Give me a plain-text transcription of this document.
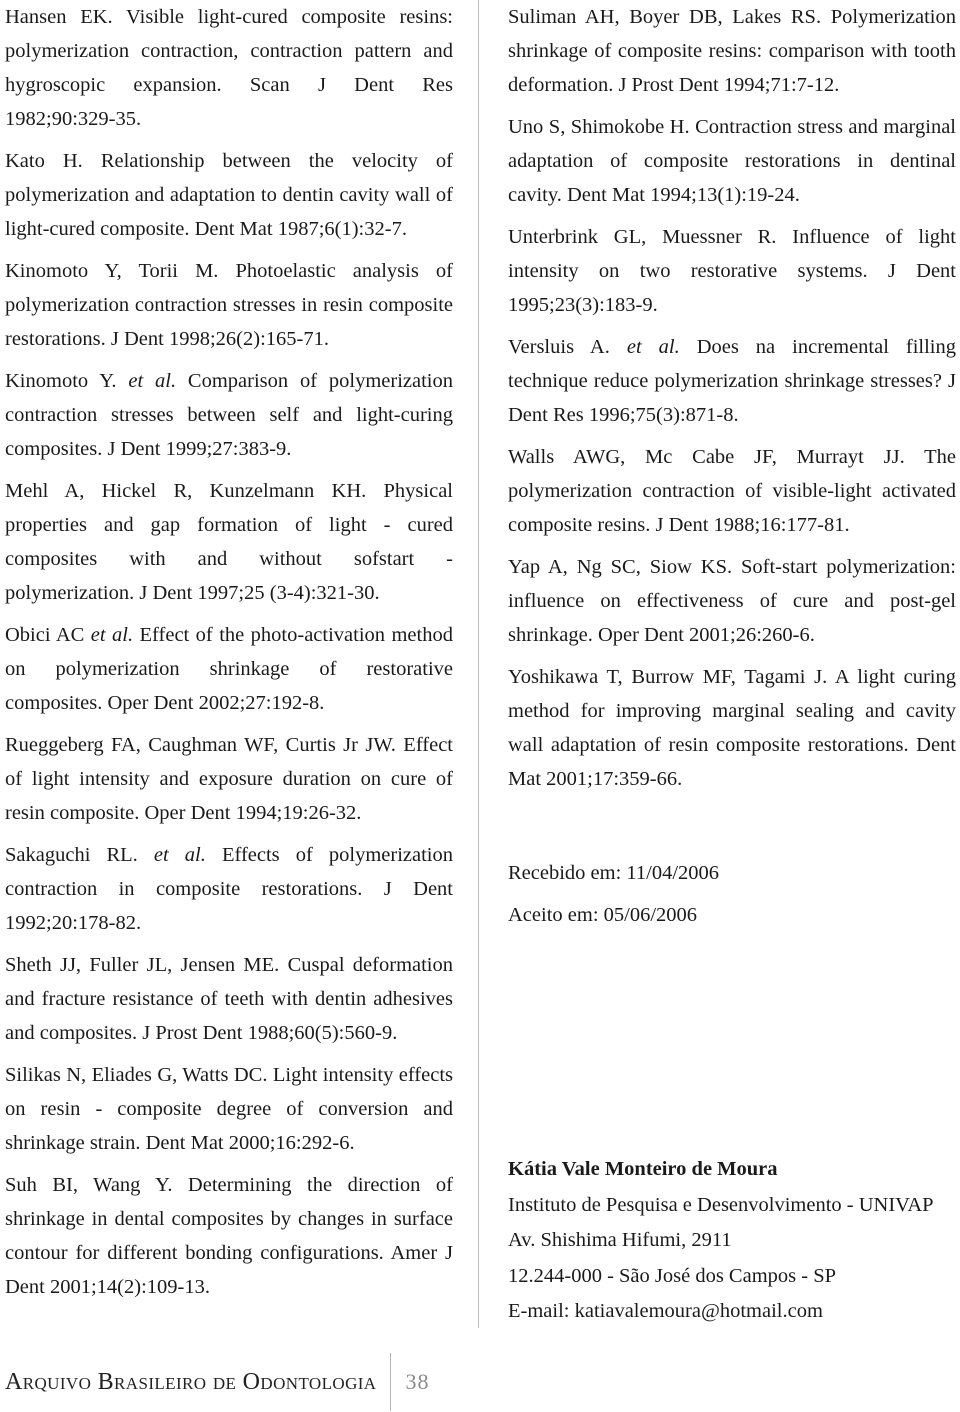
Hansen EK. Visible light-cured composite resins: polymerization contraction, contraction pattern and hygroscopic expansion. Scan J Dent Res 1982;90:329-35.

Kato H. Relationship between the velocity of polymerization and adaptation to dentin cavity wall of light-cured composite. Dent Mat 1987;6(1):32-7.

Kinomoto Y, Torii M. Photoelastic analysis of polymerization contraction stresses in resin composite restorations. J Dent 1998;26(2):165-71.

Kinomoto Y. et al. Comparison of polymerization contraction stresses between self and light-curing composites. J Dent 1999;27:383-9.

Mehl A, Hickel R, Kunzelmann KH. Physical properties and gap formation of light - cured composites with and without sofstart - polymerization. J Dent 1997;25 (3-4):321-30.

Obici AC et al. Effect of the photo-activation method on polymerization shrinkage of restorative composites. Oper Dent 2002;27:192-8.

Rueggeberg FA, Caughman WF, Curtis Jr JW. Effect of light intensity and exposure duration on cure of resin composite. Oper Dent 1994;19:26-32.

Sakaguchi RL. et al. Effects of polymerization contraction in composite restorations. J Dent 1992;20:178-82.

Sheth JJ, Fuller JL, Jensen ME. Cuspal deformation and fracture resistance of teeth with dentin adhesives and composites. J Prost Dent 1988;60(5):560-9.

Silikas N, Eliades G, Watts DC. Light intensity effects on resin - composite degree of conversion and shrinkage strain. Dent Mat 2000;16:292-6.

Suh BI, Wang Y. Determining the direction of shrinkage in dental composites by changes in surface contour for different bonding configurations. Amer J Dent 2001;14(2):109-13.

Suliman AH, Boyer DB, Lakes RS. Polymerization shrinkage of composite resins: comparison with tooth deformation. J Prost Dent 1994;71:7-12.

Uno S, Shimokobe H. Contraction stress and marginal adaptation of composite restorations in dentinal cavity. Dent Mat 1994;13(1):19-24.

Unterbrink GL, Muessner R. Influence of light intensity on two restorative systems. J Dent 1995;23(3):183-9.

Versluis A. et al. Does na incremental filling technique reduce polymerization shrinkage stresses? J Dent Res 1996;75(3):871-8.

Walls AWG, Mc Cabe JF, Murrayt JJ. The polymerization contraction of visible-light activated composite resins. J Dent 1988;16:177-81.

Yap A, Ng SC, Siow KS. Soft-start polymerization: influence on effectiveness of cure and post-gel shrinkage. Oper Dent 2001;26:260-6.

Yoshikawa T, Burrow MF, Tagami J. A light curing method for improving marginal sealing and cavity wall adaptation of resin composite restorations. Dent Mat 2001;17:359-66.

Recebido em: 11/04/2006

Aceito em: 05/06/2006

Kátia Vale Monteiro de Moura

Instituto de Pesquisa e Desenvolvimento - UNIVAP

Av. Shishima Hifumi, 2911

12.244-000 - São José dos Campos - SP

E-mail: katiavalemoura@hotmail.com

Arquivo Brasileiro de Odontologia 38
